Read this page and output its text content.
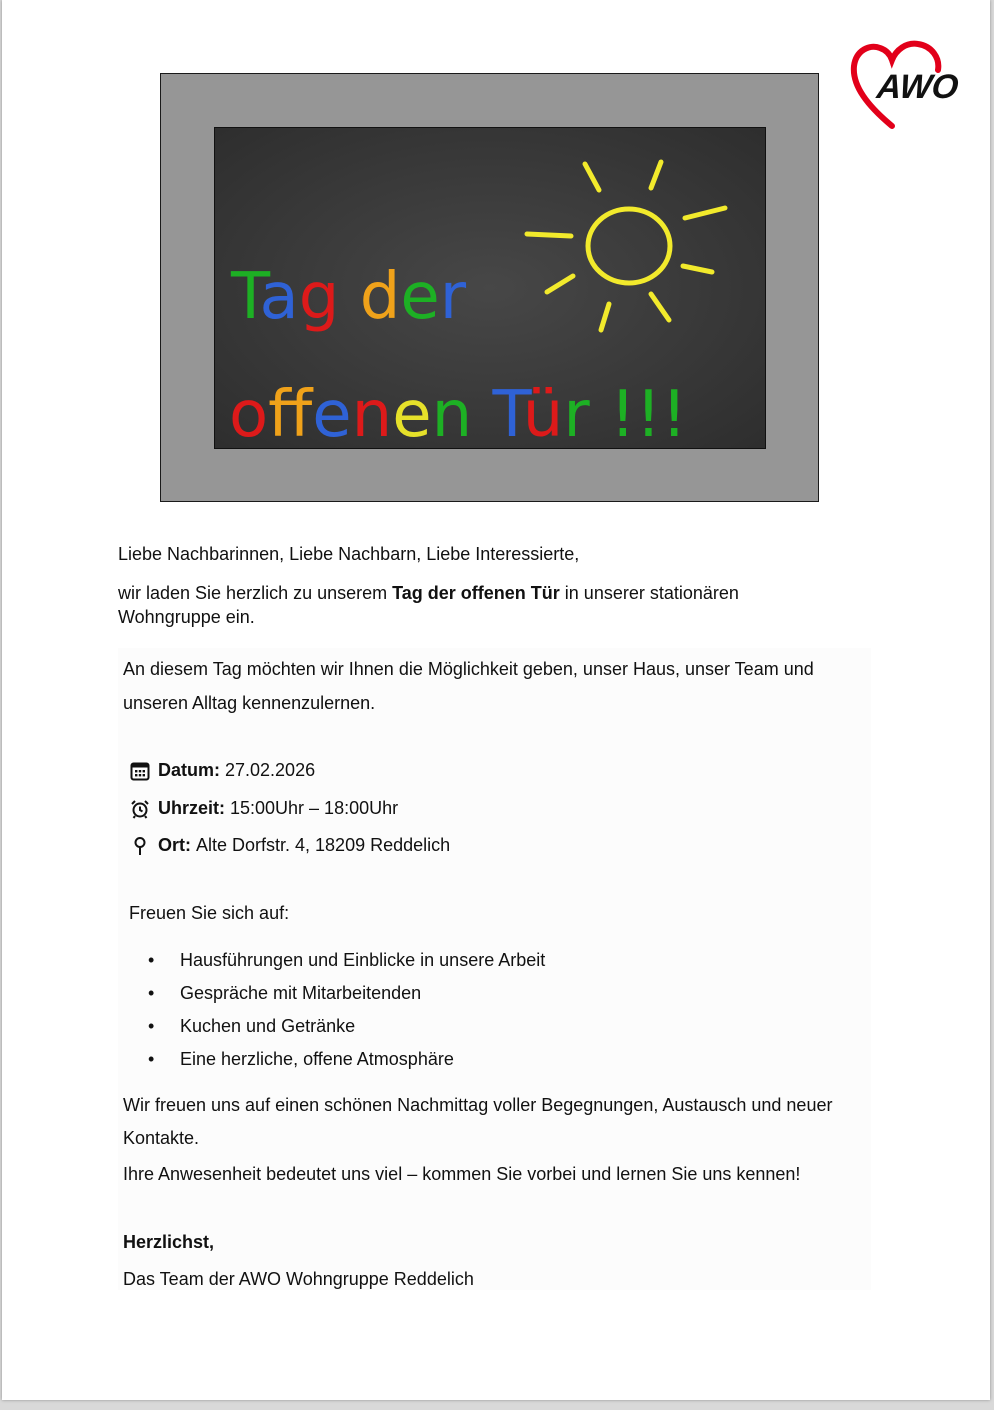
AWO
Tag der
ofenen Tür !!!
Liebe Nachbarinnen, Liebe Nachbarn, Liebe Interessierte,
wir laden Sie herzlich zu unserem Tag der offenen Tür in unserer stationären Wohngruppe ein.
An diesem Tag möchten wir Ihnen die Möglichkeit geben, unser Haus, unser Team und unseren Alltag kennenzulernen.
Datum: 27.02.2026
Uhrzeit: 15:00Uhr – 18:00Uhr
Ort: Alte Dorfstr. 4, 18209 Reddelich
Freuen Sie sich auf:
• Hausführungen und Einblicke in unsere Arbeit
• Gespräche mit Mitarbeitenden
• Kuchen und Getränke
• Eine herzliche, offene Atmosphäre
Wir freuen uns auf einen schönen Nachmittag voller Begegnungen, Austausch und neuer Kontakte.
Ihre Anwesenheit bedeutet uns viel – kommen Sie vorbei und lernen Sie uns kennen!
Herzlichst,
Das Team der AWO Wohngruppe Reddelich
